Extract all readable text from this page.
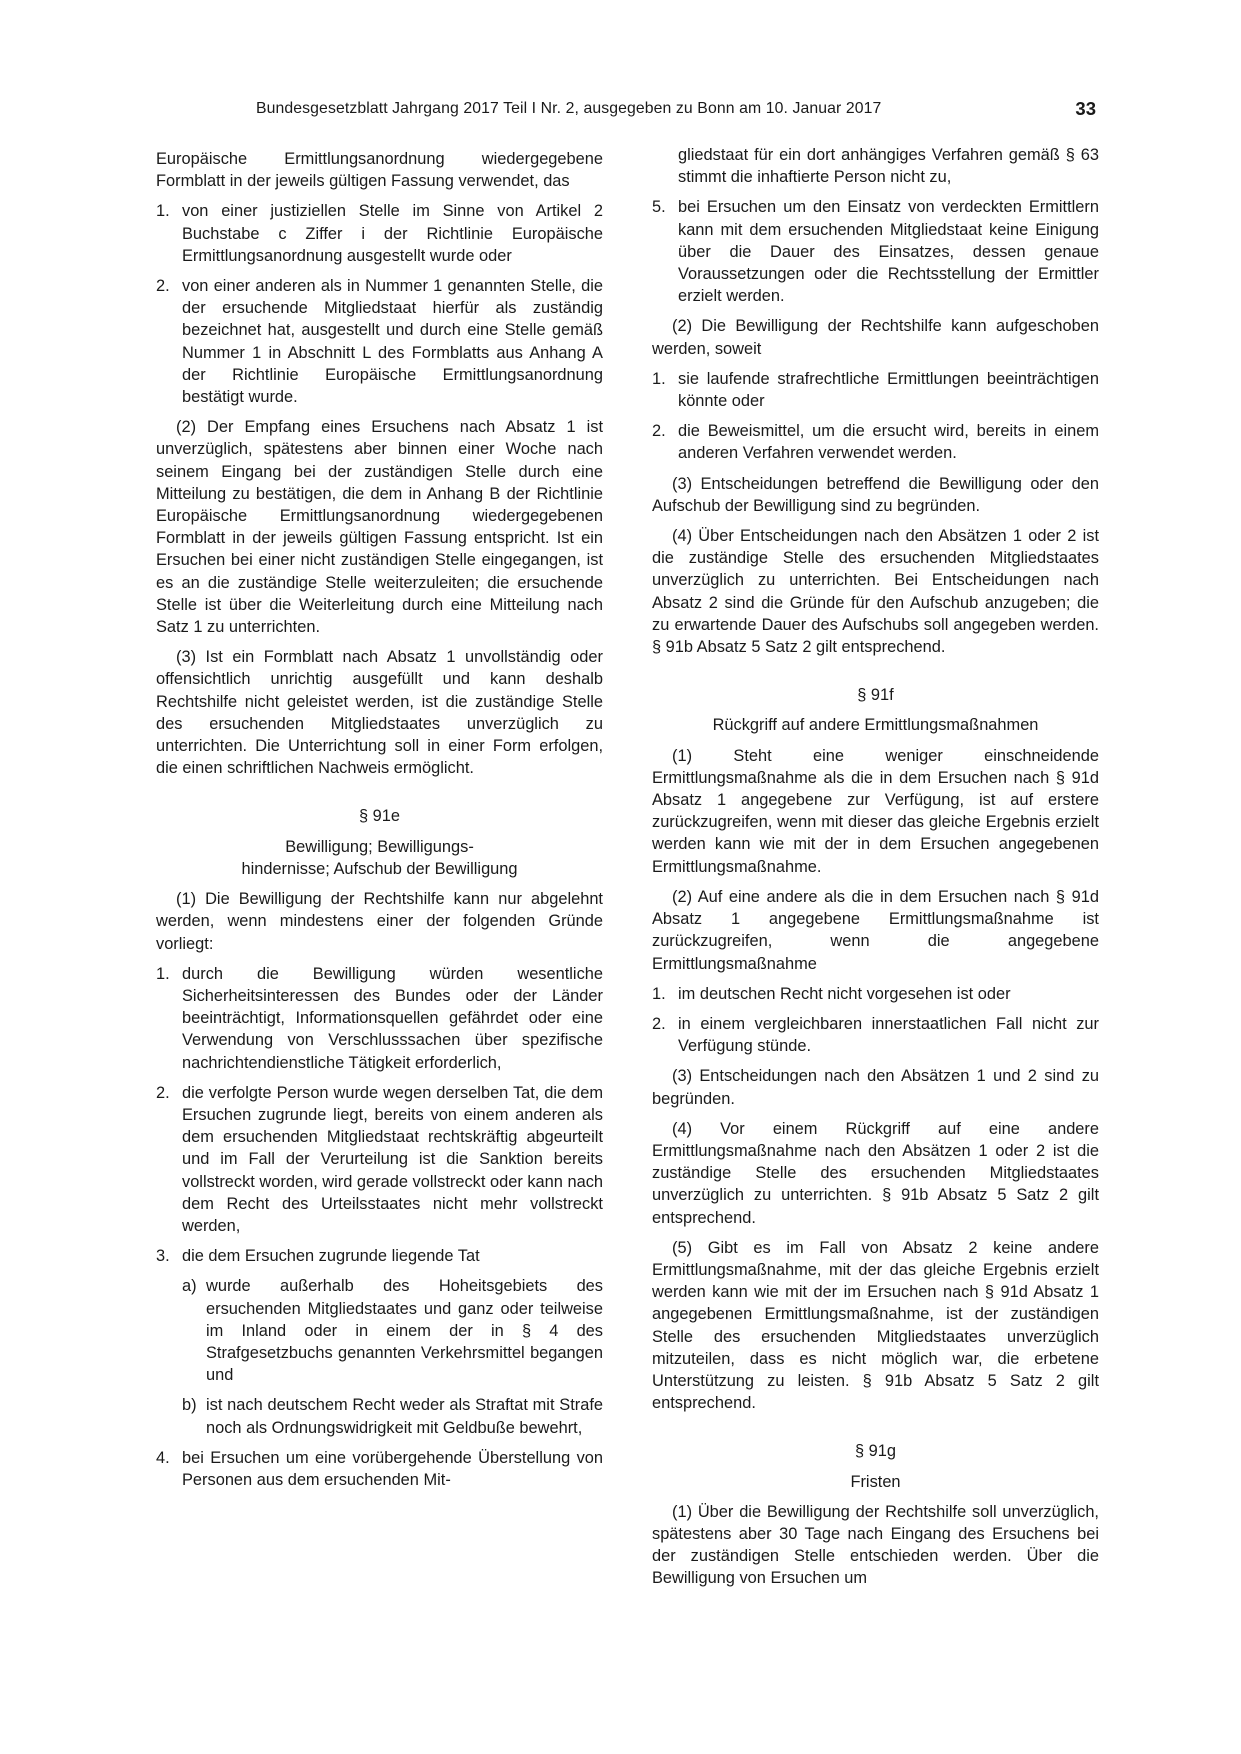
Bundesgesetzblatt Jahrgang 2017 Teil I Nr. 2, ausgegeben zu Bonn am 10. Januar 2017	33

Europäische Ermittlungsanordnung wiedergegebene Formblatt in der jeweils gültigen Fassung verwendet, das

1. von einer justiziellen Stelle im Sinne von Artikel 2 Buchstabe c Ziffer i der Richtlinie Europäische Ermittlungsanordnung ausgestellt wurde oder
2. von einer anderen als in Nummer 1 genannten Stelle, die der ersuchende Mitgliedstaat hierfür als zuständig bezeichnet hat, ausgestellt und durch eine Stelle gemäß Nummer 1 in Abschnitt L des Formblatts aus Anhang A der Richtlinie Europäische Ermittlungsanordnung bestätigt wurde.

(2) Der Empfang eines Ersuchens nach Absatz 1 ist unverzüglich, spätestens aber binnen einer Woche nach seinem Eingang bei der zuständigen Stelle durch eine Mitteilung zu bestätigen, die dem in Anhang B der Richtlinie Europäische Ermittlungsanordnung wiedergegebenen Formblatt in der jeweils gültigen Fassung entspricht. Ist ein Ersuchen bei einer nicht zuständigen Stelle eingegangen, ist es an die zuständige Stelle weiterzuleiten; die ersuchende Stelle ist über die Weiterleitung durch eine Mitteilung nach Satz 1 zu unterrichten.

(3) Ist ein Formblatt nach Absatz 1 unvollständig oder offensichtlich unrichtig ausgefüllt und kann deshalb Rechtshilfe nicht geleistet werden, ist die zuständige Stelle des ersuchenden Mitgliedstaates unverzüglich zu unterrichten. Die Unterrichtung soll in einer Form erfolgen, die einen schriftlichen Nachweis ermöglicht.

§ 91e
Bewilligung; Bewilligungs-
hindernisse; Aufschub der Bewilligung

(1) Die Bewilligung der Rechtshilfe kann nur abgelehnt werden, wenn mindestens einer der folgenden Gründe vorliegt:

1. durch die Bewilligung würden wesentliche Sicherheitsinteressen des Bundes oder der Länder beeinträchtigt, Informationsquellen gefährdet oder eine Verwendung von Verschlusssachen über spezifische nachrichtendienstliche Tätigkeit erforderlich,
2. die verfolgte Person wurde wegen derselben Tat, die dem Ersuchen zugrunde liegt, bereits von einem anderen als dem ersuchenden Mitgliedstaat rechtskräftig abgeurteilt und im Fall der Verurteilung ist die Sanktion bereits vollstreckt worden, wird gerade vollstreckt oder kann nach dem Recht des Urteilsstaates nicht mehr vollstreckt werden,
3. die dem Ersuchen zugrunde liegende Tat
a) wurde außerhalb des Hoheitsgebiets des ersuchenden Mitgliedstaates und ganz oder teilweise im Inland oder in einem der in § 4 des Strafgesetzbuchs genannten Verkehrsmittel begangen und
b) ist nach deutschem Recht weder als Straftat mit Strafe noch als Ordnungswidrigkeit mit Geldbuße bewehrt,
4. bei Ersuchen um eine vorübergehende Überstellung von Personen aus dem ersuchenden Mit-

gliedstaat für ein dort anhängiges Verfahren gemäß § 63 stimmt die inhaftierte Person nicht zu,

5. bei Ersuchen um den Einsatz von verdeckten Ermittlern kann mit dem ersuchenden Mitgliedstaat keine Einigung über die Dauer des Einsatzes, dessen genaue Voraussetzungen oder die Rechtsstellung der Ermittler erzielt werden.

(2) Die Bewilligung der Rechtshilfe kann aufgeschoben werden, soweit

1. sie laufende strafrechtliche Ermittlungen beeinträchtigen könnte oder
2. die Beweismittel, um die ersucht wird, bereits in einem anderen Verfahren verwendet werden.

(3) Entscheidungen betreffend die Bewilligung oder den Aufschub der Bewilligung sind zu begründen.

(4) Über Entscheidungen nach den Absätzen 1 oder 2 ist die zuständige Stelle des ersuchenden Mitgliedstaates unverzüglich zu unterrichten. Bei Entscheidungen nach Absatz 2 sind die Gründe für den Aufschub anzugeben; die zu erwartende Dauer des Aufschubs soll angegeben werden. § 91b Absatz 5 Satz 2 gilt entsprechend.

§ 91f
Rückgriff auf andere Ermittlungsmaßnahmen

(1) Steht eine weniger einschneidende Ermittlungsmaßnahme als die in dem Ersuchen nach § 91d Absatz 1 angegebene zur Verfügung, ist auf erstere zurückzugreifen, wenn mit dieser das gleiche Ergebnis erzielt werden kann wie mit der in dem Ersuchen angegebenen Ermittlungsmaßnahme.

(2) Auf eine andere als die in dem Ersuchen nach § 91d Absatz 1 angegebene Ermittlungsmaßnahme ist zurückzugreifen, wenn die angegebene Ermittlungsmaßnahme

1. im deutschen Recht nicht vorgesehen ist oder
2. in einem vergleichbaren innerstaatlichen Fall nicht zur Verfügung stünde.

(3) Entscheidungen nach den Absätzen 1 und 2 sind zu begründen.

(4) Vor einem Rückgriff auf eine andere Ermittlungsmaßnahme nach den Absätzen 1 oder 2 ist die zuständige Stelle des ersuchenden Mitgliedstaates unverzüglich zu unterrichten. § 91b Absatz 5 Satz 2 gilt entsprechend.

(5) Gibt es im Fall von Absatz 2 keine andere Ermittlungsmaßnahme, mit der das gleiche Ergebnis erzielt werden kann wie mit der im Ersuchen nach § 91d Absatz 1 angegebenen Ermittlungsmaßnahme, ist der zuständigen Stelle des ersuchenden Mitgliedstaates unverzüglich mitzuteilen, dass es nicht möglich war, die erbetene Unterstützung zu leisten. § 91b Absatz 5 Satz 2 gilt entsprechend.

§ 91g
Fristen

(1) Über die Bewilligung der Rechtshilfe soll unverzüglich, spätestens aber 30 Tage nach Eingang des Ersuchens bei der zuständigen Stelle entschieden werden. Über die Bewilligung von Ersuchen um
